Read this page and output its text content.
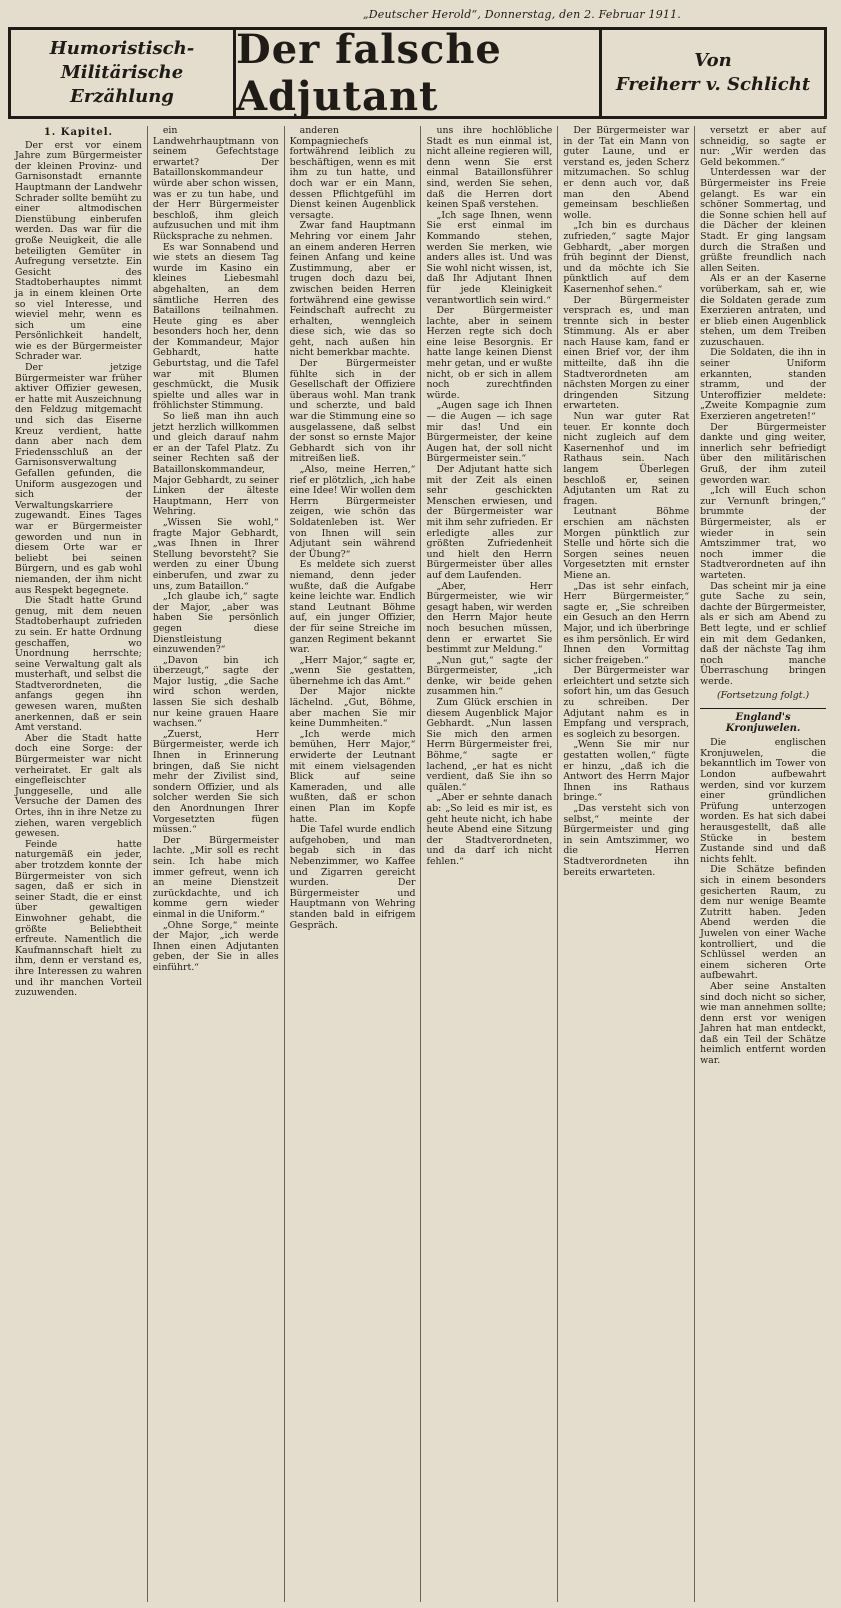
„Deutscher Herold“, Donnerstag, den 2. Februar 1911.
Humoristisch-Militärische
Erzählung
Der falsche Adjutant
Von
Freiherr v. Schlicht
1. Kapitel.

Der erst vor einem Jahre zum Bürgermeister der kleinen Provinz- und Garnisonstadt ernannte Hauptmann der Landwehr Schrader sollte bemüht zu einer altmodischen Dienstübung einberufen werden. Das war für die große Neuigkeit, die alle beteiligten Gemüter in Aufregung versetzte. Ein Gesicht des Stadtoberhauptes nimmt ja in einem kleinen Orte so viel Interesse, und wieviel mehr, wenn es sich um eine Persönlichkeit handelt, wie es der Bürgermeister Schrader war.

Der jetzige Bürgermeister war früher aktiver Offizier gewesen, er hatte mit Auszeichnung den Feldzug mitgemacht und sich das Eiserne Kreuz verdient, hatte dann aber nach dem Friedensschluß an der Garnisonsverwaltung Gefallen gefunden, die Uniform ausgezogen und sich der Verwaltungskarriere zugewandt. Eines Tages war er Bürgermeister geworden und nun in diesem Orte war er beliebt bei seinen Bürgern, und es gab wohl niemanden, der ihm nicht aus Respekt begegnete.

Die Stadt hatte Grund genug, mit dem neuen Stadtoberhaupt zufrieden zu sein. Er hatte Ordnung geschaffen, wo Unordnung herrschte; seine Verwaltung galt als musterhaft, und selbst die Stadtverordneten, die anfangs gegen ihn gewesen waren, mußten anerkennen, daß er sein Amt verstand.

Aber die Stadt hatte doch eine Sorge: der Bürgermeister war nicht verheiratet. Er galt als eingefleischter Junggeselle, und alle Versuche der Damen des Ortes, ihn in ihre Netze zu ziehen, waren vergeblich gewesen.

Feinde hatte naturgemäß ein jeder, aber trotzdem konnte der Bürgermeister von sich sagen, daß er sich in seiner Stadt, die er einst über gewaltigen Einwohner gehabt, die größte Beliebtheit erfreute. Namentlich die Kaufmannschaft hielt zu ihm, denn er verstand es, ihre Interessen zu wahren und ihr manchen Vorteil zuzuwenden.

ein Landwehrhauptmann von seinem Gefechtstage erwartet? Der Bataillonskommandeur würde aber schon wissen, was er zu tun habe, und der Herr Bürgermeister beschloß, ihm gleich aufzusuchen und mit ihm Rücksprache zu nehmen.

Es war Sonnabend und wie stets an diesem Tag wurde im Kasino ein kleines Liebesmahl abgehalten, an dem sämtliche Herren des Bataillons teilnahmen. Heute ging es aber besonders hoch her, denn der Kommandeur, Major Gebhardt, hatte Geburtstag, und die Tafel war mit Blumen geschmückt, die Musik spielte und alles war in fröhlichster Stimmung.

So ließ man ihn auch jetzt herzlich willkommen und gleich darauf nahm er an der Tafel Platz. Zu seiner Rechten saß der Bataillonskommandeur, Major Gebhardt, zu seiner Linken der älteste Hauptmann, Herr von Wehring.

„Wissen Sie wohl,“ fragte Major Gebhardt, „was Ihnen in Ihrer Stellung bevorsteht? Sie werden zu einer Übung einberufen, und zwar zu uns, zum Bataillon.“

„Ich glaube ich,“ sagte der Major, „aber was haben Sie persönlich gegen diese Dienstleistung einzuwenden?“

„Davon bin ich überzeugt,“ sagte der Major lustig, „die Sache wird schon werden, lassen Sie sich deshalb nur keine grauen Haare wachsen.“

„Zuerst, Herr Bürgermeister, werde ich Ihnen in Erinnerung bringen, daß Sie nicht mehr der Zivilist sind, sondern Offizier, und als solcher werden Sie sich den Anordnungen Ihrer Vorgesetzten fügen müssen.“

Der Bürgermeister lachte. „Mir soll es recht sein. Ich habe mich immer gefreut, wenn ich an meine Dienstzeit zurückdachte, und ich komme gern wieder einmal in die Uniform.“

„Ohne Sorge,“ meinte der Major, „ich werde Ihnen einen Adjutanten geben, der Sie in alles einführt.“

anderen Kompagniechefs fortwährend leiblich zu beschäftigen, wenn es mit ihm zu tun hatte, und doch war er ein Mann, dessen Pflichtgefühl im Dienst keinen Augenblick versagte.

Zwar fand Hauptmann Mehring vor einem Jahr an einem anderen Herren feinen Anfang und keine Zustimmung, aber er trugen doch dazu bei, zwischen beiden Herren fortwährend eine gewisse Feindschaft aufrecht zu erhalten, wenngleich diese sich, wie das so geht, nach außen hin nicht bemerkbar machte.

Der Bürgermeister fühlte sich in der Gesellschaft der Offiziere überaus wohl. Man trank und scherzte, und bald war die Stimmung eine so ausgelassene, daß selbst der sonst so ernste Major Gebhardt sich von ihr mitreißen ließ.

„Also, meine Herren,“ rief er plötzlich, „ich habe eine Idee! Wir wollen dem Herrn Bürgermeister zeigen, wie schön das Soldatenleben ist. Wer von Ihnen will sein Adjutant sein während der Übung?“

Es meldete sich zuerst niemand, denn jeder wußte, daß die Aufgabe keine leichte war. Endlich stand Leutnant Böhme auf, ein junger Offizier, der für seine Streiche im ganzen Regiment bekannt war.

„Herr Major,“ sagte er, „wenn Sie gestatten, übernehme ich das Amt.“

Der Major nickte lächelnd. „Gut, Böhme, aber machen Sie mir keine Dummheiten.“

„Ich werde mich bemühen, Herr Major,“ erwiderte der Leutnant mit einem vielsagenden Blick auf seine Kameraden, und alle wußten, daß er schon einen Plan im Kopfe hatte.

Die Tafel wurde endlich aufgehoben, und man begab sich in das Nebenzimmer, wo Kaffee und Zigarren gereicht wurden. Der Bürgermeister und Hauptmann von Wehring standen bald in eifrigem Gespräch.

uns ihre hochlöbliche Stadt es nun einmal ist, nicht alleine regieren will, denn wenn Sie erst einmal Bataillonsführer sind, werden Sie sehen, daß die Herren dort keinen Spaß verstehen.

„Ich sage Ihnen, wenn Sie erst einmal im Kommando stehen, werden Sie merken, wie anders alles ist. Und was Sie wohl nicht wissen, ist, daß Ihr Adjutant Ihnen für jede Kleinigkeit verantwortlich sein wird.“

Der Bürgermeister lachte, aber in seinem Herzen regte sich doch eine leise Besorgnis. Er hatte lange keinen Dienst mehr getan, und er wußte nicht, ob er sich in allem noch zurechtfinden würde.

„Augen sage ich Ihnen — die Augen — ich sage mir das! Und ein Bürgermeister, der keine Augen hat, der soll nicht Bürgermeister sein.“

Der Adjutant hatte sich mit der Zeit als einen sehr geschickten Menschen erwiesen, und der Bürgermeister war mit ihm sehr zufrieden. Er erledigte alles zur größten Zufriedenheit und hielt den Herrn Bürgermeister über alles auf dem Laufenden.

„Aber, Herr Bürgermeister, wie wir gesagt haben, wir werden den Herrn Major heute noch besuchen müssen, denn er erwartet Sie bestimmt zur Meldung.“

„Nun gut,“ sagte der Bürgermeister, „ich denke, wir beide gehen zusammen hin.“

Zum Glück erschien in diesem Augenblick Major Gebhardt. „Nun lassen Sie mich den armen Herrn Bürgermeister frei, Böhme,“ sagte er lachend, „er hat es nicht verdient, daß Sie ihn so quälen.“

„Aber er sehnte danach ab: „So leid es mir ist, es geht heute nicht, ich habe heute Abend eine Sitzung der Stadtverordneten, und da darf ich nicht fehlen.“

Der Bürgermeister war in der Tat ein Mann von guter Laune, und er verstand es, jeden Scherz mitzumachen. So schlug er denn auch vor, daß man den Abend gemeinsam beschließen wolle.

„Ich bin es durchaus zufrieden,“ sagte Major Gebhardt, „aber morgen früh beginnt der Dienst, und da möchte ich Sie pünktlich auf dem Kasernenhof sehen.“

Der Bürgermeister versprach es, und man trennte sich in bester Stimmung. Als er aber nach Hause kam, fand er einen Brief vor, der ihm mitteilte, daß ihn die Stadtverordneten am nächsten Morgen zu einer dringenden Sitzung erwarteten.

Nun war guter Rat teuer. Er konnte doch nicht zugleich auf dem Kasernenhof und im Rathaus sein. Nach langem Überlegen beschloß er, seinen Adjutanten um Rat zu fragen.

Leutnant Böhme erschien am nächsten Morgen pünktlich zur Stelle und hörte sich die Sorgen seines neuen Vorgesetzten mit ernster Miene an.

„Das ist sehr einfach, Herr Bürgermeister,“ sagte er, „Sie schreiben ein Gesuch an den Herrn Major, und ich überbringe es ihm persönlich. Er wird Ihnen den Vormittag sicher freigeben.“

Der Bürgermeister war erleichtert und setzte sich sofort hin, um das Gesuch zu schreiben. Der Adjutant nahm es in Empfang und versprach, es sogleich zu besorgen.

„Wenn Sie mir nur gestatten wollen,“ fügte er hinzu, „daß ich die Antwort des Herrn Major Ihnen ins Rathaus bringe.“

„Das versteht sich von selbst,“ meinte der Bürgermeister und ging in sein Amtszimmer, wo die Herren Stadtverordneten ihn bereits erwarteten.

versetzt er aber auf schneidig, so sagte er nur: „Wir werden das Geld bekommen.“

Unterdessen war der Bürgermeister ins Freie gelangt. Es war ein schöner Sommertag, und die Sonne schien hell auf die Dächer der kleinen Stadt. Er ging langsam durch die Straßen und grüßte freundlich nach allen Seiten.

Als er an der Kaserne vorüberkam, sah er, wie die Soldaten gerade zum Exerzieren antraten, und er blieb einen Augenblick stehen, um dem Treiben zuzuschauen.

Die Soldaten, die ihn in seiner Uniform erkannten, standen stramm, und der Unteroffizier meldete: „Zweite Kompagnie zum Exerzieren angetreten!“

Der Bürgermeister dankte und ging weiter, innerlich sehr befriedigt über den militärischen Gruß, der ihm zuteil geworden war.

„Ich will Euch schon zur Vernunft bringen,“ brummte der Bürgermeister, als er wieder in sein Amtszimmer trat, wo noch immer die Stadtverordneten auf ihn warteten.

Das scheint mir ja eine gute Sache zu sein, dachte der Bürgermeister, als er sich am Abend zu Bett legte, und er schlief ein mit dem Gedanken, daß der nächste Tag ihm noch manche Überraschung bringen werde.

(Fortsetzung folgt.)
England's Kronjuwelen.

Die englischen Kronjuwelen, die bekanntlich im Tower von London aufbewahrt werden, sind vor kurzem einer gründlichen Prüfung unterzogen worden. Es hat sich dabei herausgestellt, daß alle Stücke in bestem Zustande sind und daß nichts fehlt.

Die Schätze befinden sich in einem besonders gesicherten Raum, zu dem nur wenige Beamte Zutritt haben. Jeden Abend werden die Juwelen von einer Wache kontrolliert, und die Schlüssel werden an einem sicheren Orte aufbewahrt.

Aber seine Anstalten sind doch nicht so sicher, wie man annehmen sollte; denn erst vor wenigen Jahren hat man entdeckt, daß ein Teil der Schätze heimlich entfernt worden war.
